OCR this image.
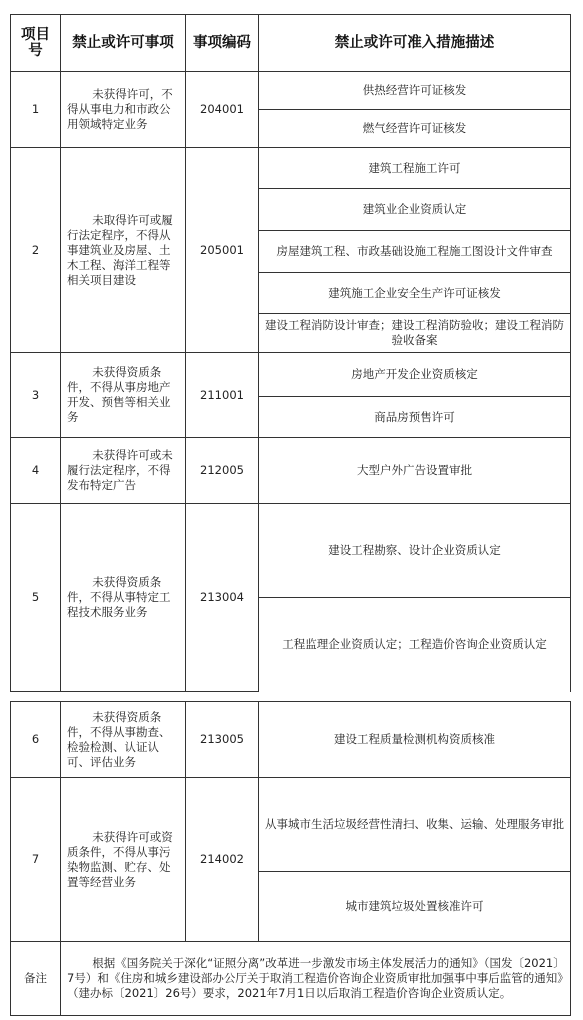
项目号	禁止或许可事项	事项编码	禁止或许可准入措施描述
1	未获得许可，不得从事电力和市政公用领域特定业务	204001	供热经营许可证核发
			燃气经营许可证核发
2	未取得许可或履行法定程序，不得从事建筑业及房屋、土木工程、海洋工程等相关项目建设	205001	建筑工程施工许可
			建筑业企业资质认定
			房屋建筑工程、市政基础设施工程施工图设计文件审查
			建筑施工企业安全生产许可证核发
			建设工程消防设计审查；建设工程消防验收；建设工程消防验收备案
3	未获得资质条件，不得从事房地产开发、预售等相关业务	211001	房地产开发企业资质核定
			商品房预售许可
4	未获得许可或未履行法定程序，不得发布特定广告	212005	大型户外广告设置审批
5	未获得资质条件，不得从事特定工程技术服务业务	213004	建设工程勘察、设计企业资质认定
			工程监理企业资质认定；工程造价咨询企业资质认定
6	未获得资质条件，不得从事勘查、检验检测、认证认可、评估业务	213005	建设工程质量检测机构资质核准
7	未获得许可或资质条件，不得从事污染物监测、贮存、处置等经营业务	214002	从事城市生活垃圾经营性清扫、收集、运输、处理服务审批
			城市建筑垃圾处置核准许可
备注	根据《国务院关于深化“证照分离”改革进一步激发市场主体发展活力的通知》（国发〔2021〕7号）和《住房和城乡建设部办公厅关于取消工程造价咨询企业资质审批加强事中事后监管的通知》（建办标〔2021〕26号）要求，2021年7月1日以后取消工程造价咨询企业资质认定。		
